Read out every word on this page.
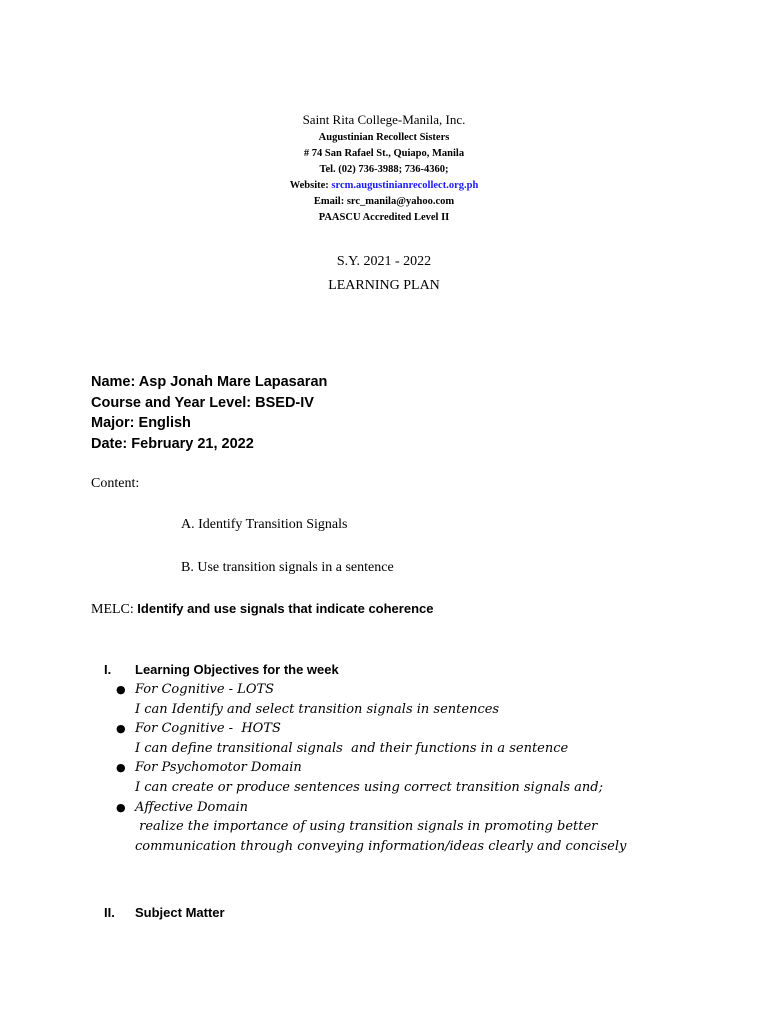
Saint Rita College-Manila, Inc.
Augustinian Recollect Sisters
# 74 San Rafael St., Quiapo, Manila
Tel. (02) 736-3988; 736-4360;
Website: srcm.augustinianrecollect.org.ph
Email: src_manila@yahoo.com
PAASCU Accredited Level II
S.Y. 2021 - 2022
LEARNING PLAN
Name: Asp Jonah Mare Lapasaran
Course and Year Level: BSED-IV
Major: English
Date: February 21, 2022
Content:
A. Identify Transition Signals
B. Use transition signals in a sentence
MELC: Identify and use signals that indicate coherence
I.	Learning Objectives for the week
● For Cognitive - LOTS
I can Identify and select transition signals in sentences
● For Cognitive -  HOTS
I can define transitional signals  and their functions in a sentence
● For Psychomotor Domain
I can create or produce sentences using correct transition signals and;
● Affective Domain
realize the importance of using transition signals in promoting better
communication through conveying information/ideas clearly and concisely
II.	Subject Matter
